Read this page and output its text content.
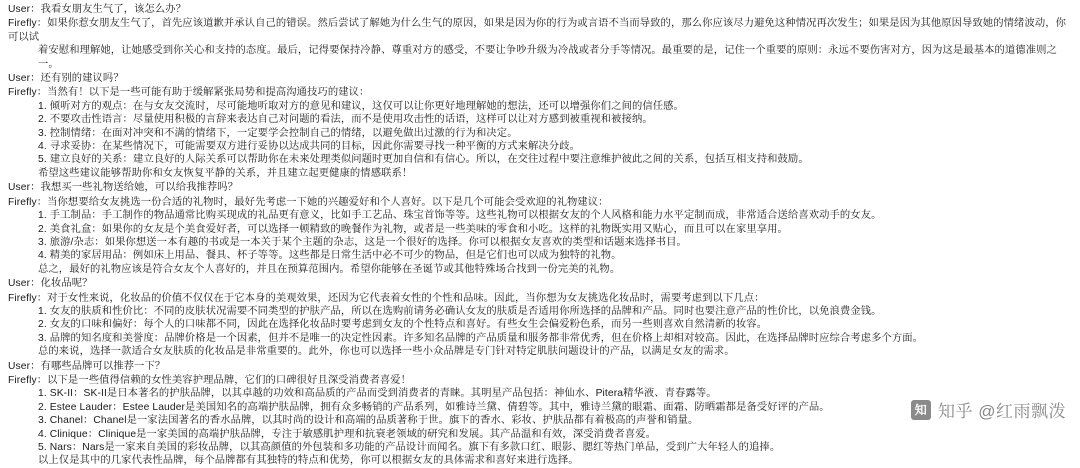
User：我看女朋友生气了，该怎么办？
Firefly：如果你惹女朋友生气了，首先应该道歉并承认自己的错误。然后尝试了解她为什么生气的原因，如果是因为你的行为或言语不当而导致的，那么你应该尽力避免这种情况再次发生；如果是因为其他原因导致她的情绪波动，你可以试
着安慰和理解她，让她感受到你关心和支持的态度。最后，记得要保持冷静、尊重对方的感受，不要让争吵升级为冷战或者分手等情况。最重要的是，记住一个重要的原则：永远不要伤害对方，因为这是最基本的道德准则之一。
User：还有别的建议吗？
Firefly：当然有！以下是一些可能有助于缓解紧张局势和提高沟通技巧的建议：
1. 倾听对方的观点：在与女友交流时，尽可能地听取对方的意见和建议，这仅可以让你更好地理解她的想法，还可以增强你们之间的信任感。
2. 不要攻击性语言：尽量使用积极的言辞来表达自己对问题的看法，而不是使用攻击性的话语，这样可以让对方感到被重视和被接纳。
3. 控制情绪：在面对冲突和不满的情绪下，一定要学会控制自己的情绪，以避免做出过激的行为和决定。
4. 寻求妥协：在某些情况下，可能需要双方进行妥协以达成共同的目标，因此你需要寻找一种平衡的方式来解决分歧。
5. 建立良好的关系：建立良好的人际关系可以帮助你在未来处理类似问题时更加自信和有信心。所以，在交往过程中要注意维护彼此之间的关系，包括互相支持和鼓励。
希望这些建议能够帮助你和女友恢复平静的关系，并且建立起更健康的情感联系！
User：我想买一些礼物送给她，可以给我推荐吗？
Firefly：当你想要给女友挑选一份合适的礼物时，最好先考虑一下她的兴趣爱好和个人喜好。以下是几个可能会受欢迎的礼物建议：
1. 手工制品：手工制作的物品通常比购买现成的礼品更有意义，比如手工艺品、珠宝首饰等等。这些礼物可以根据女友的个人风格和能力水平定制而成，非常适合送给喜欢动手的女友。
2. 美食礼盒：如果你的女友是个美食爱好者，可以选择一顿精致的晚餐作为礼物，或者是一些美味的零食和小吃。这样的礼物既实用又贴心，而且可以在家里享用。
3. 旅游/杂志：如果你想送一本有趣的书或是一本关于某个主题的杂志，这是一个很好的选择。你可以根据女友喜欢的类型和话题来选择书目。
4. 精美的家居用品：例如床上用品、餐具、杯子等等。这些都是日常生活中必不可少的物品，但是它们也可以成为独特的礼物。
总之，最好的礼物应该是符合女友个人喜好的，并且在预算范围内。希望你能够在圣诞节或其他特殊场合找到一份完美的礼物。
User：化妆品呢？
Firefly：对于女性来说，化妆品的价值不仅仅在于它本身的美观效果，还因为它代表着女性的个性和品味。因此，当你想为女友挑选化妆品时，需要考虑到以下几点：
1. 女友的肤质和性价比：不同的皮肤状况需要不同类型的护肤产品，所以在选购前请务必确认女友的肤质是否适用你所选择的品牌和产品。同时也要注意产品的性价比，以免浪费金钱。
2. 女友的口味和偏好：每个人的口味都不同，因此在选择化妆品时要考虑到女友的个性特点和喜好。有些女生会偏爱粉色系，而另一些则喜欢自然清新的妆容。
3. 品牌的知名度和美誉度：品牌价格是一个因素，但并不是唯一的决定性因素。许多知名品牌的产品质量和服务都非常优秀，但在价格上却相对较高。因此，在选择品牌时应综合考虑多个方面。
总的来说，选择一款适合女友肤质的化妆品是非常重要的。此外，你也可以选择一些小众品牌是专门针对特定肌肤问题设计的产品，以满足女友的需求。
User：有哪些品牌可以推荐一下？
Firefly：以下是一些值得信赖的女性美容护理品牌，它们的口碑很好且深受消费者喜爱！
1. SK-II：SK-II是日本著名的护肤品牌，以其卓越的功效和高品质的产品而受到消费者的青睐。其明星产品包括：神仙水、Pitera精华液、青春露等。
2. Estee Lauder：Estee Lauder是美国知名的高端护肤品牌，拥有众多畅销的产品系列，如雅诗兰黛、倩碧等。其中，雅诗兰黛的眼霜、面霜、防晒霜都是备受好评的产品。
3. Chanel：Chanel是一家法国著名的香水品牌，以其时尚的设计和高端的品质著称于世。旗下的香水、彩妆、护肤品都有着极高的声誉和销量。
4. Clinique：Clinique是一家美国的高端护肤品牌，专注于敏感肌护理和抗衰老领域的研究和发展。其产品温和有效，深受消费者喜爱。
5. Nars：Nars是一家来自美国的彩妆品牌，以其高颜值的外包装和多功能的产品设计而闻名。旗下有多款口红、眼影、腮红等热门单品，受到广大年轻人的追捧。
以上仅是其中的几家代表性品牌，每个品牌都有其独特的特点和优势，你可以根据女友的具体需求和喜好来进行选择。
知 知乎 @红雨飘泼
